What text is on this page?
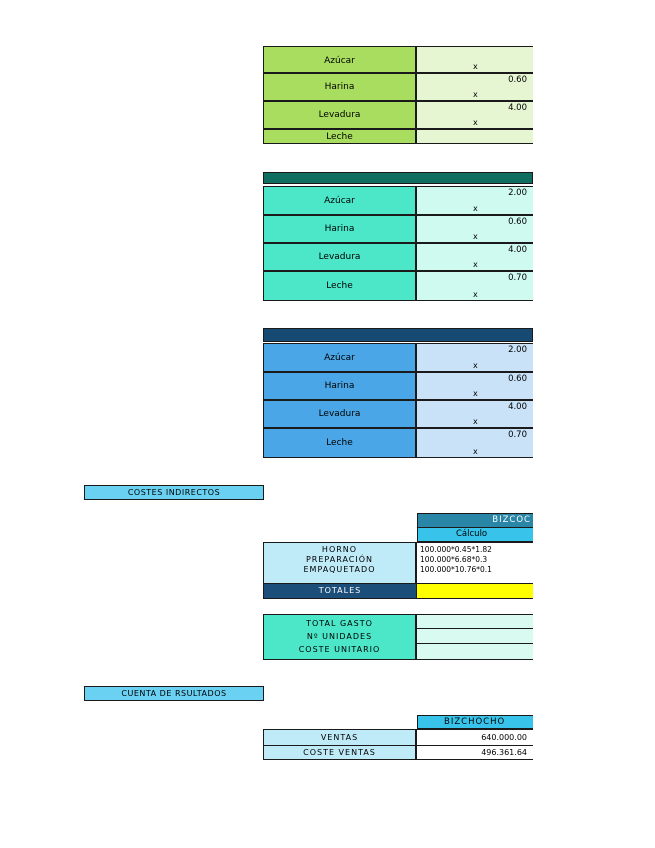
Azúcar
x
Harina
0.60
x
Levadura
4.00
x
Leche
Azúcar
2.00
x
Harina
0.60
x
Levadura
4.00
x
Leche
0.70
x
Azúcar
2.00
x
Harina
0.60
x
Levadura
4.00
x
Leche
0.70
x
COSTES INDIRECTOS
BIZCOC
Cálculo
HORNO
PREPARACIÓN
EMPAQUETADO
100.000*0.45*1.82
100.000*6.68*0.3
100.000*10.76*0.1
TOTALES
TOTAL GASTO
Nº UNIDADES
COSTE UNITARIO
CUENTA DE RSULTADOS
BIZCHOCHO
VENTAS
COSTE VENTAS
640.000.00
496.361.64
